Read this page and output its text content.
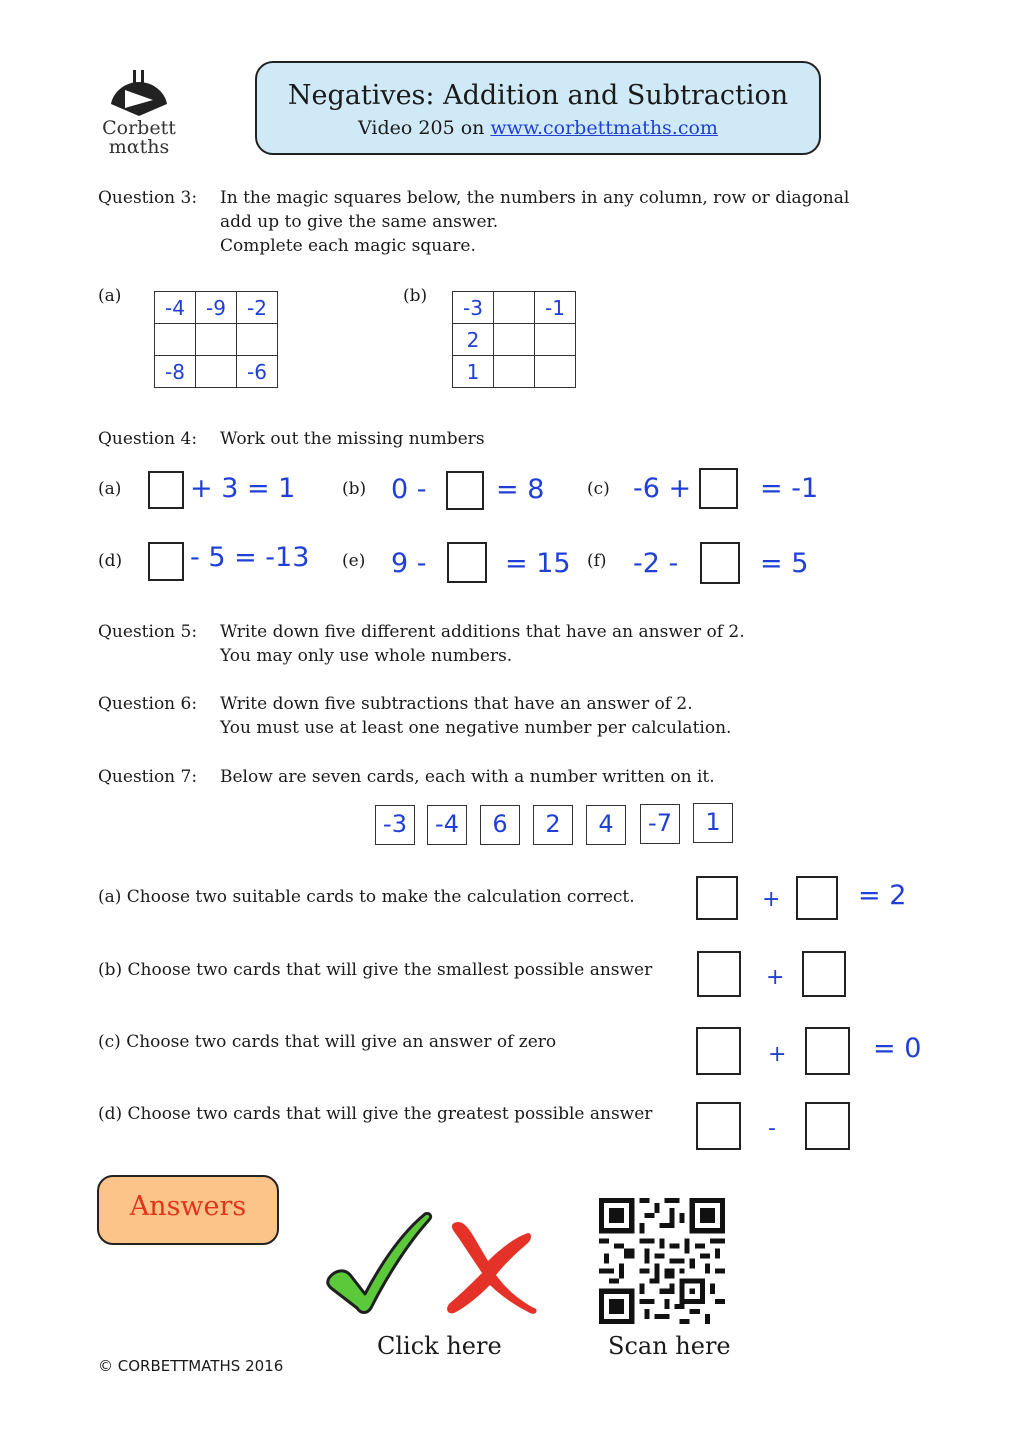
Corbett
mαths
Negatives: Addition and Subtraction
Video 205 on www.corbettmaths.com
Question 3: In the magic squares below, the numbers in any column, row or diagonal
add up to give the same answer.
Complete each magic square.
(a) -4	-9	-2

-8		-6
(b) -3		-1
2		
1		
Question 4: Work out the missing numbers
(a)	+ 3 = 1	(b) 0 -	= 8	(c) -6 +	= -1
(d)	- 5 = -13 (e) 9 -	= 15 (f) -2 -	= 5
Question 5: Write down five different additions that have an answer of 2.
You may only use whole numbers.
Question 6: Write down five subtractions that have an answer of 2.
You must use at least one negative number per calculation.
Question 7: Below are seven cards, each with a number written on it.
-3	-4	6	2	4	-7	1
(a) Choose two suitable cards to make the calculation correct.	+	= 2
(b) Choose two cards that will give the smallest possible answer	+
(c) Choose two cards that will give an answer of zero	+	= 0
(d) Choose two cards that will give the greatest possible answer
-
Answers
Click here	Scan here
© CORBETTMATHS 2016
